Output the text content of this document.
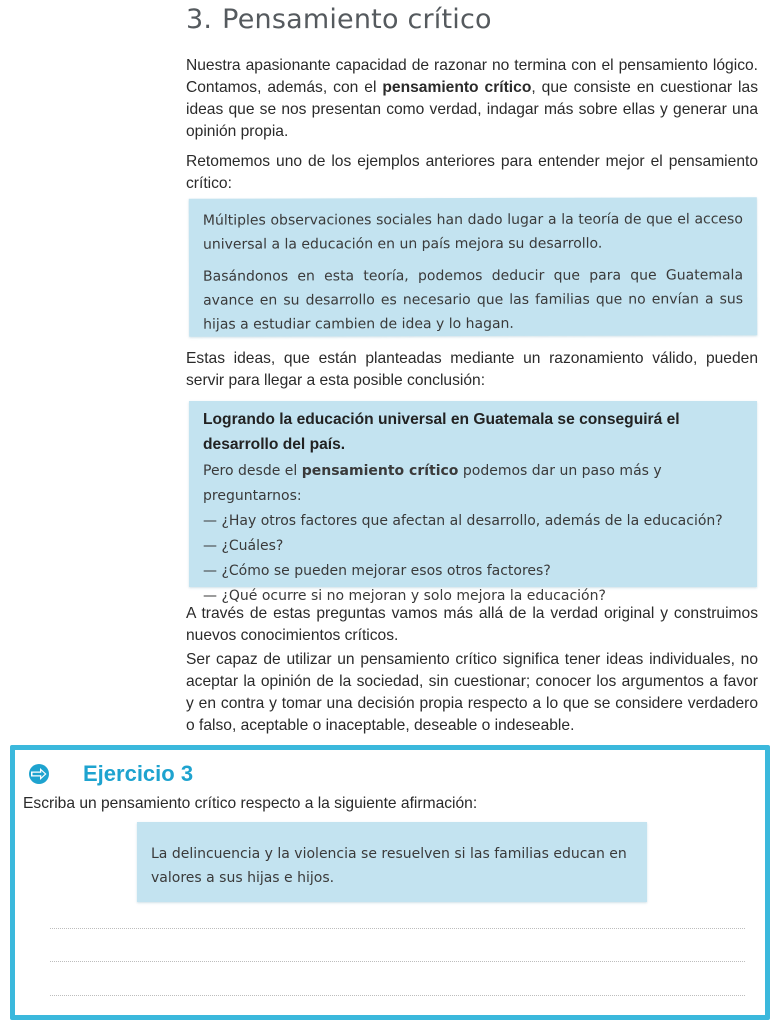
3. Pensamiento crítico

Nuestra apasionante capacidad de razonar no termina con el pensamiento lógico. Contamos, además, con el pensamiento crítico, que consiste en cuestionar las ideas que se nos presentan como verdad, indagar más sobre ellas y generar una opinión propia.

Retomemos uno de los ejemplos anteriores para entender mejor el pensamiento crítico:

Múltiples observaciones sociales han dado lugar a la teoría de que el acceso universal a la educación en un país mejora su desarrollo.

Basándonos en esta teoría, podemos deducir que para que Guatemala avance en su desarrollo es necesario que las familias que no envían a sus hijas a estudiar cambien de idea y lo hagan.

Estas ideas, que están planteadas mediante un razonamiento válido, pueden servir para llegar a esta posible conclusión:

Logrando la educación universal en Guatemala se conseguirá el desarrollo del país.

Pero desde el pensamiento crítico podemos dar un paso más y preguntarnos:

— ¿Hay otros factores que afectan al desarrollo, además de la educación?

— ¿Cuáles?

— ¿Cómo se pueden mejorar esos otros factores?

— ¿Qué ocurre si no mejoran y solo mejora la educación?

A través de estas preguntas vamos más allá de la verdad original y construimos nuevos conocimientos críticos.

Ser capaz de utilizar un pensamiento crítico significa tener ideas individuales, no aceptar la opinión de la sociedad, sin cuestionar; conocer los argumentos a favor y en contra y tomar una decisión propia respecto a lo que se considere verdadero o falso, aceptable o inaceptable, deseable o indeseable.

Ejercicio 3
Escriba un pensamiento crítico respecto a la siguiente afirmación:

La delincuencia y la violencia se resuelven si las familias educan en valores a sus hijas e hijos.
